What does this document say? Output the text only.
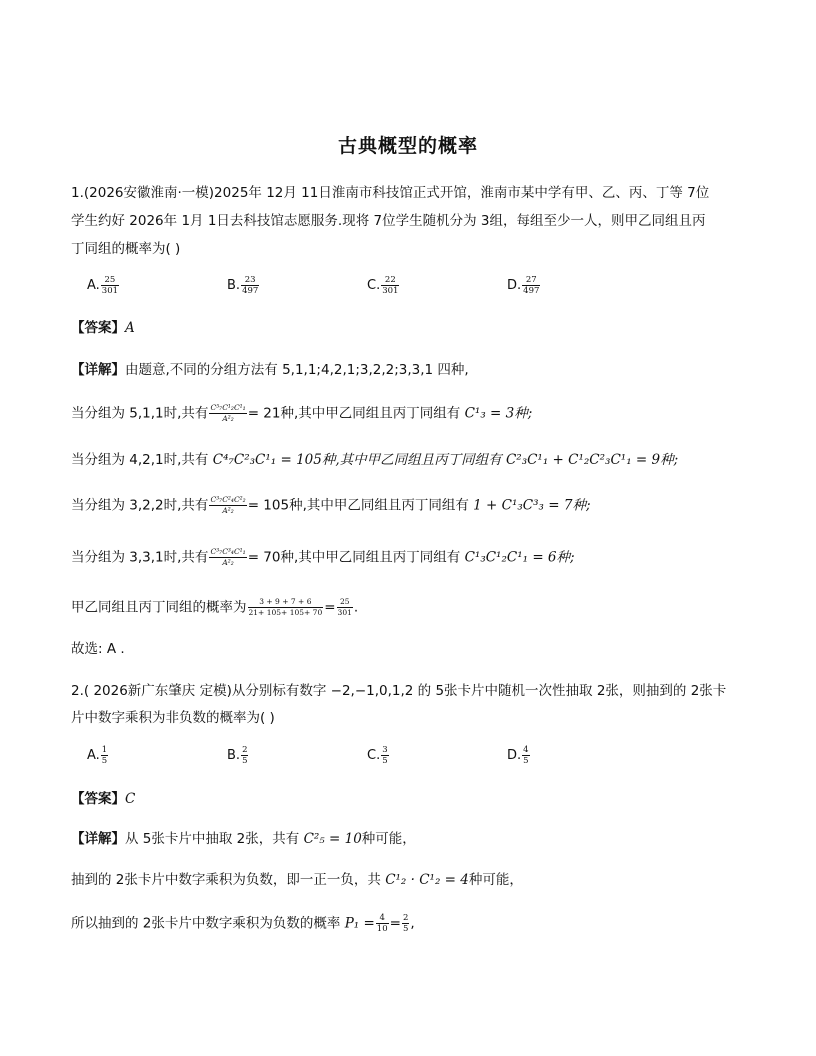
古典概型的概率
1.(2026安徽淮南·一模)2025年 12月 11日淮南市科技馆正式开馆，淮南市某中学有甲、乙、丙、丁等 7位
学生约好 2026年 1月 1日去科技馆志愿服务.现将 7位学生随机分为 3组，每组至少一人，则甲乙同组且丙
丁同组的概率为( )
A. $\frac{25}{301}$	B. $\frac{23}{497}$	C. $\frac{22}{301}$	D. $\frac{27}{497}$
【答案】A
【详解】由题意,不同的分组方法有 5,1,1;4,2,1;3,2,2;3,3,1 四种,
当分组为 5,1,1时,共有 $\frac{\text{C⁵₇C¹₂C¹₁}}{\text{A²₂}} = 21$种,其中甲乙同组且丙丁同组有 C¹₃ = 3种;
当分组为 4,2,1时,共有 C⁴₇C²₃C¹₁ = 105种,其中甲乙同组且丙丁同组有 C²₃C¹₁ + C¹₂C²₃C¹₁ = 9种;
当分组为 3,2,2时,共有 $\frac{\text{C³₇C²₄C²₂}}{\text{A²₂}} = 105$种,其中甲乙同组且丙丁同组有 1 + C¹₃C³₃ = 7种;
当分组为 3,3,1时,共有 $\frac{\text{C³₇C³₄C¹₁}}{\text{A²₂}} = 70$种,其中甲乙同组且丙丁同组有 C¹₃C¹₂C¹₁ = 6种;
甲乙同组且丙丁同组的概率为 $\frac{3 + 9 + 7 + 6}{21+ 105+ 105+ 70} = \frac{25}{301}$ .
故选: A .
2.( 2026新广东肇庆 定模)从分别标有数字 −2,−1,0,1,2 的 5张卡片中随机一次性抽取 2张，则抽到的 2张卡
片中数字乘积为非负数的概率为( )
A. $\frac{1}{5}$	B. $\frac{2}{5}$	C. $\frac{3}{5}$	D. $\frac{4}{5}$
【答案】C
【详解】从 5张卡片中抽取 2张，共有 C²₅ = 10种可能，
抽到的 2张卡片中数字乘积为负数，即一正一负，共 C¹₂ · C¹₂ = 4种可能，
所以抽到的 2张卡片中数字乘积为负数的概率 $P_1 = \frac{4}{10} = \frac{2}{5}$ ,
